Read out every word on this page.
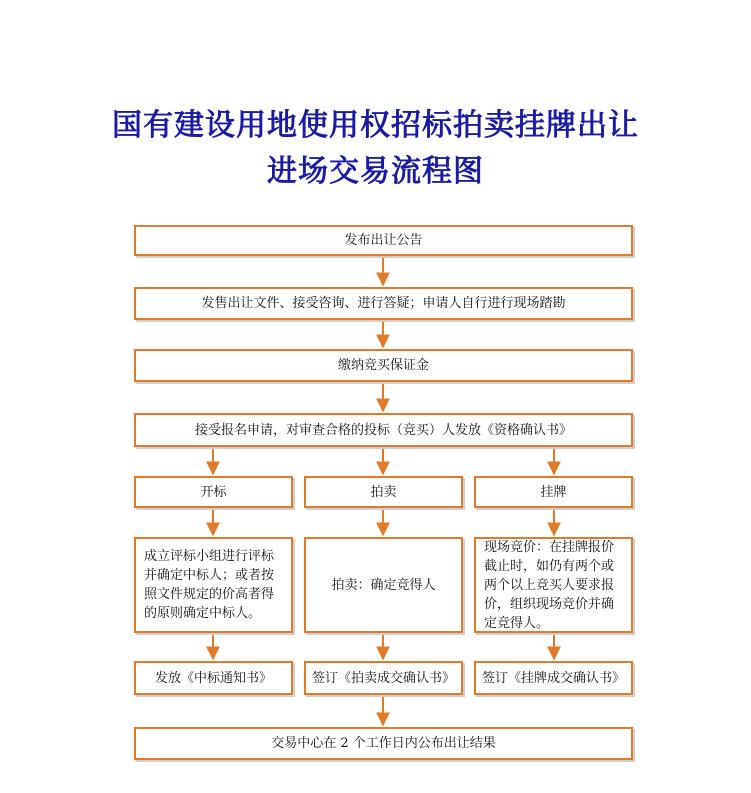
国有建设用地使用权招标拍卖挂牌出让
进场交易流程图
发布出让公告
发售出让文件、接受咨询、进行答疑；申请人自行进行现场踏勘
缴纳竞买保证金
接受报名申请，对审查合格的投标（竞买）人发放《资格确认书》
开标	拍卖	挂牌
成立评标小组进行评标并确定中标人；或者按照文件规定的价高者得的原则确定中标人。
拍卖：确定竞得人
现场竞价：在挂牌报价截止时，如仍有两个或两个以上竞买人要求报价，组织现场竞价并确定竞得人。
发放《中标通知书》	签订《拍卖成交确认书》	签订《挂牌成交确认书》
交易中心在 2 个工作日内公布出让结果
